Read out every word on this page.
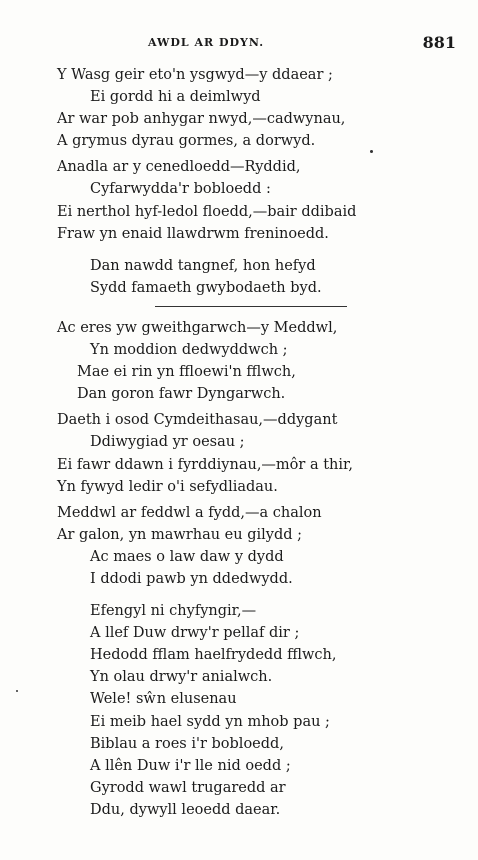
AWDL AR DDYN.	881
Y Wasg geir eto'n ysgwyd—y ddaear ;
Ei gordd hi a deimlwyd
Ar war pob anhygar nwyd,—cadwynau,
A grymus dyrau gormes, a dorwyd.
Anadla ar y cenedloedd—Ryddid,
Cyfarwydda'r bobloedd :
Ei nerthol hyf-ledol floedd,—bair ddibaid
Fraw yn enaid llawdrwm freninoedd.
Dan nawdd tangnef, hon hefyd
Sydd famaeth gwybodaeth byd.
Ac eres yw gweithgarwch—y Meddwl,
Yn moddion dedwyddwch ;
Mae ei rin yn ffloewi'n fflwch,
Dan goron fawr Dyngarwch.
Daeth i osod Cymdeithasau,—ddygant
Ddiwygiad yr oesau ;
Ei fawr ddawn i fyrddiynau,—môr a thir,
Yn fywyd ledir o'i sefydliadau.
Meddwl ar feddwl a fydd,—a chalon
Ar galon, yn mawrhau eu gilydd ;
Ac maes o law daw y dydd
I ddodi pawb yn ddedwydd.
Efengyl ni chyfyngir,—
A llef Duw drwy'r pellaf dir ;
Hedodd fflam haelfrydedd fflwch,
Yn olau drwy'r anialwch.
Wele! sŵn elusenau
Ei meib hael sydd yn mhob pau ;
Biblau a roes i'r bobloedd,
A llên Duw i'r lle nid oedd ;
Gyrodd wawl trugaredd ar
Ddu, dywyll leoedd daear.
